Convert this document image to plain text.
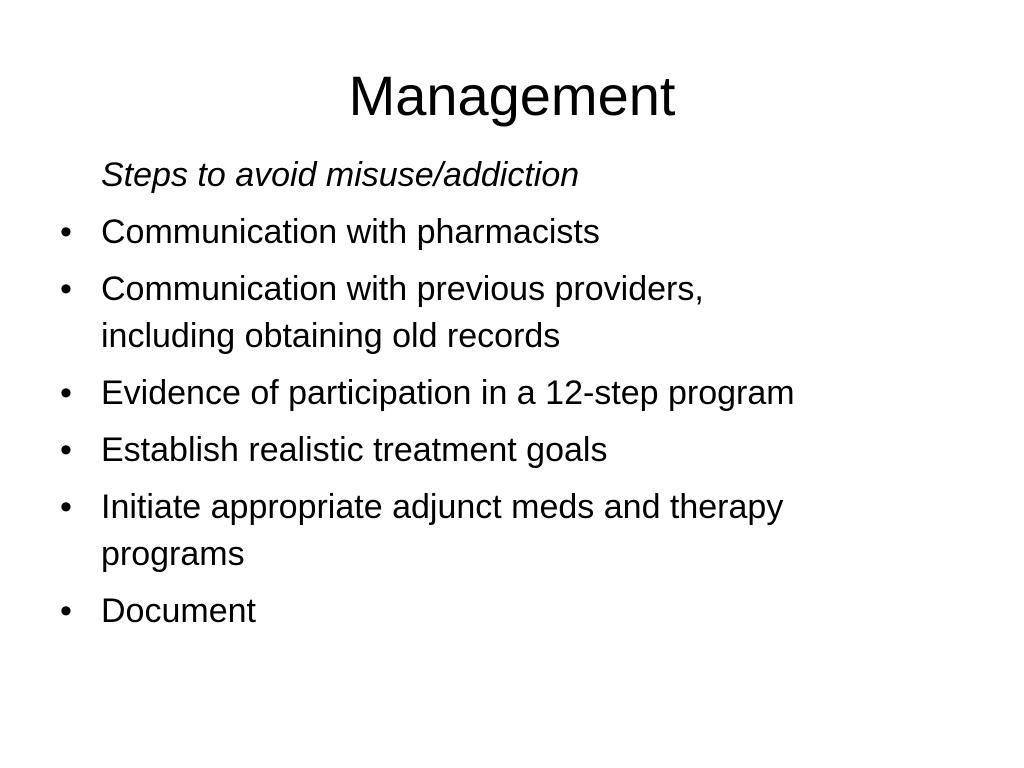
Management

Steps to avoid misuse/addiction

• Communication with pharmacists
• Communication with previous providers,
including obtaining old records
• Evidence of participation in a 12-step program
• Establish realistic treatment goals
• Initiate appropriate adjunct meds and therapy
programs
• Document
